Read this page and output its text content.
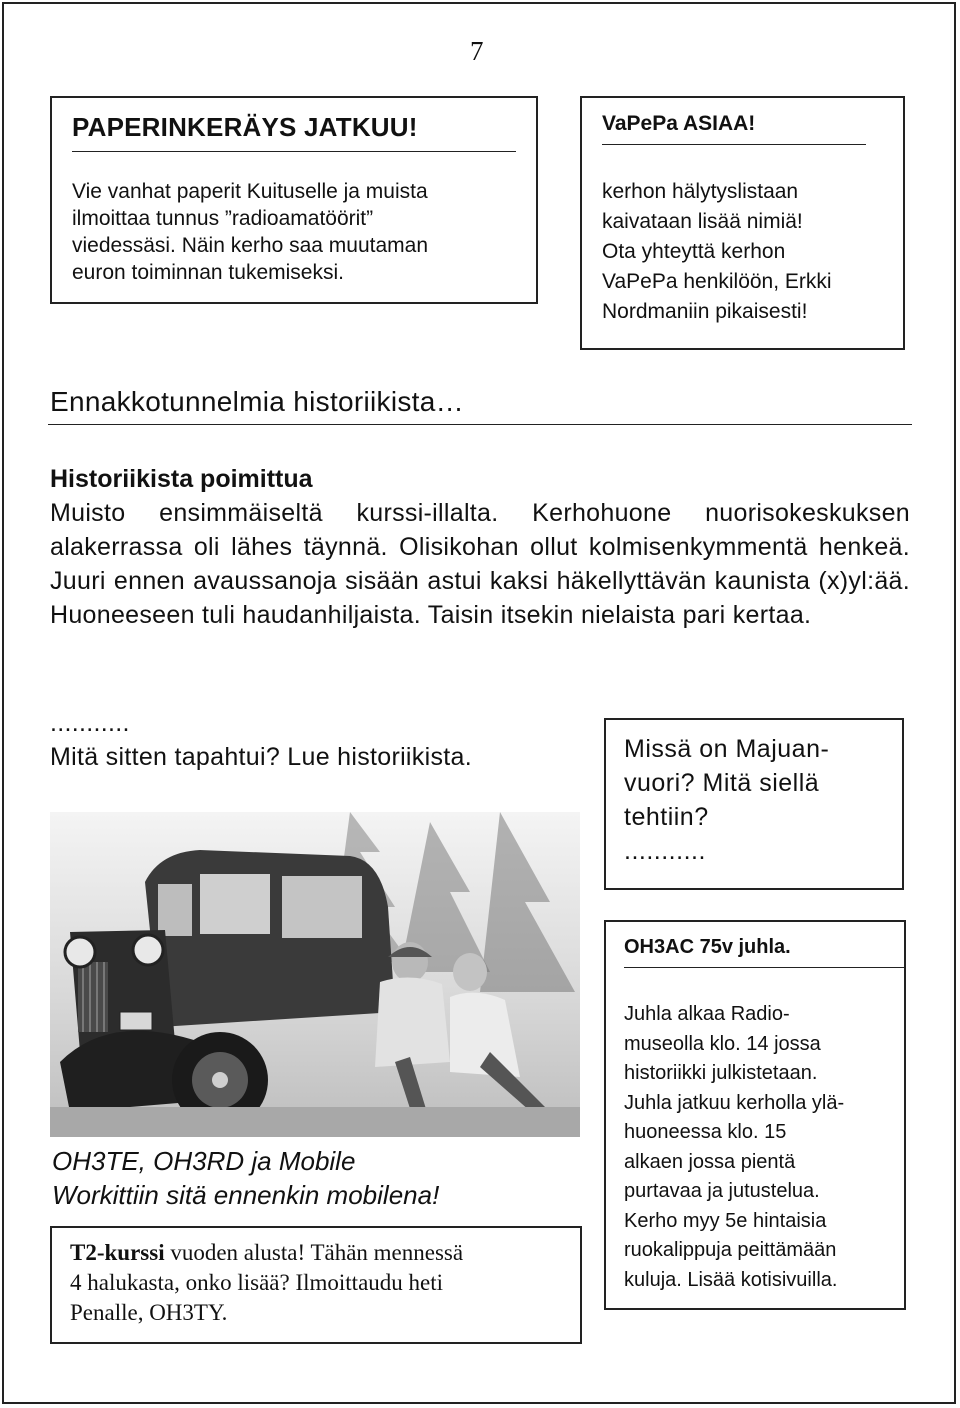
7
PAPERINKERÄYS JATKUU!
Vie vanhat paperit Kuituselle ja muista
ilmoittaa tunnus ”radioamatöörit”
viedessäsi. Näin kerho saa muutaman
euron toiminnan tukemiseksi.
VaPePa ASIAA!
kerhon hälytyslistaan
kaivataan lisää nimiä!
Ota yhteyttä kerhon
VaPePa henkilöön, Erkki
Nordmaniin pikaisesti!
Ennakkotunnelmia historiikista…
Historiikista poimittua
Muisto ensimmäiseltä kurssi-illalta. Kerhohuone nuorisokeskuksen alakerrassa oli lähes täynnä. Olisikohan ollut kolmisenkymmentä henkeä. Juuri ennen avaussanoja sisään astui kaksi häkellyttävän kaunista (x)yl:ää. Huoneeseen tuli haudanhiljaista. Taisin itsekin nielaista pari kertaa.
...........
Mitä sitten tapahtui? Lue historiikista.	Missä on Majuan-
vuori? Mitä siellä
tehtiin?
...........
OH3TE, OH3RD ja Mobile
Workittiin sitä ennenkin mobilena!
T2-kurssi vuoden alusta! Tähän mennessä
4 halukasta, onko lisää? Ilmoittaudu heti
Penalle, OH3TY.
OH3AC 75v juhla.
Juhla alkaa Radio-
museolla klo. 14 jossa
historiikki julkistetaan.
Juhla jatkuu kerholla ylä-
huoneessa klo. 15
alkaen jossa pientä
purtavaa ja jutustelua.
Kerho myy 5e hintaisia
ruokalippuja peittämään
kuluja. Lisää kotisivuilla.
